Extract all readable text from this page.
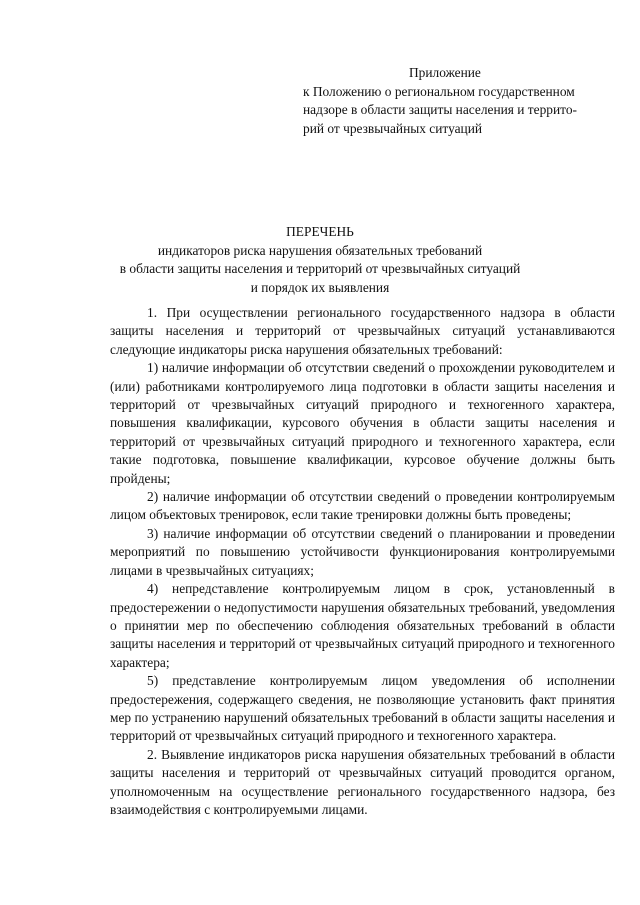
Приложение
к Положению о региональном государственном
надзоре в области защиты населения и террито-
рий от чрезвычайных ситуаций
ПЕРЕЧЕНЬ
индикаторов риска нарушения обязательных требований
в области защиты населения и территорий от чрезвычайных ситуаций
и порядок их выявления

1. При осуществлении регионального государственного надзора в области защиты населения и территорий от чрезвычайных ситуаций устанавливаются следующие индикаторы риска нарушения обязательных требований:

1) наличие информации об отсутствии сведений о прохождении руководителем и (или) работниками контролируемого лица подготовки в области защиты населения и территорий от чрезвычайных ситуаций природного и техногенного характера, повышения квалификации, курсового обучения в области защиты населения и территорий от чрезвычайных ситуаций природного и техногенного характера, если такие подготовка, повышение квалификации, курсовое обучение должны быть пройдены;

2) наличие информации об отсутствии сведений о проведении контролируемым лицом объектовых тренировок, если такие тренировки должны быть проведены;

3) наличие информации об отсутствии сведений о планировании и проведении мероприятий по повышению устойчивости функционирования контролируемыми лицами в чрезвычайных ситуациях;

4) непредставление контролируемым лицом в срок, установленный в предостережении о недопустимости нарушения обязательных требований, уведомления о принятии мер по обеспечению соблюдения обязательных требований в области защиты населения и территорий от чрезвычайных ситуаций природного и техногенного характера;

5) представление контролируемым лицом уведомления об исполнении предостережения, содержащего сведения, не позволяющие установить факт принятия мер по устранению нарушений обязательных требований в области защиты населения и территорий от чрезвычайных ситуаций природного и техногенного характера.

2. Выявление индикаторов риска нарушения обязательных требований в области защиты населения и территорий от чрезвычайных ситуаций проводится органом, уполномоченным на осуществление регионального государственного надзора, без взаимодействия с контролируемыми лицами.
